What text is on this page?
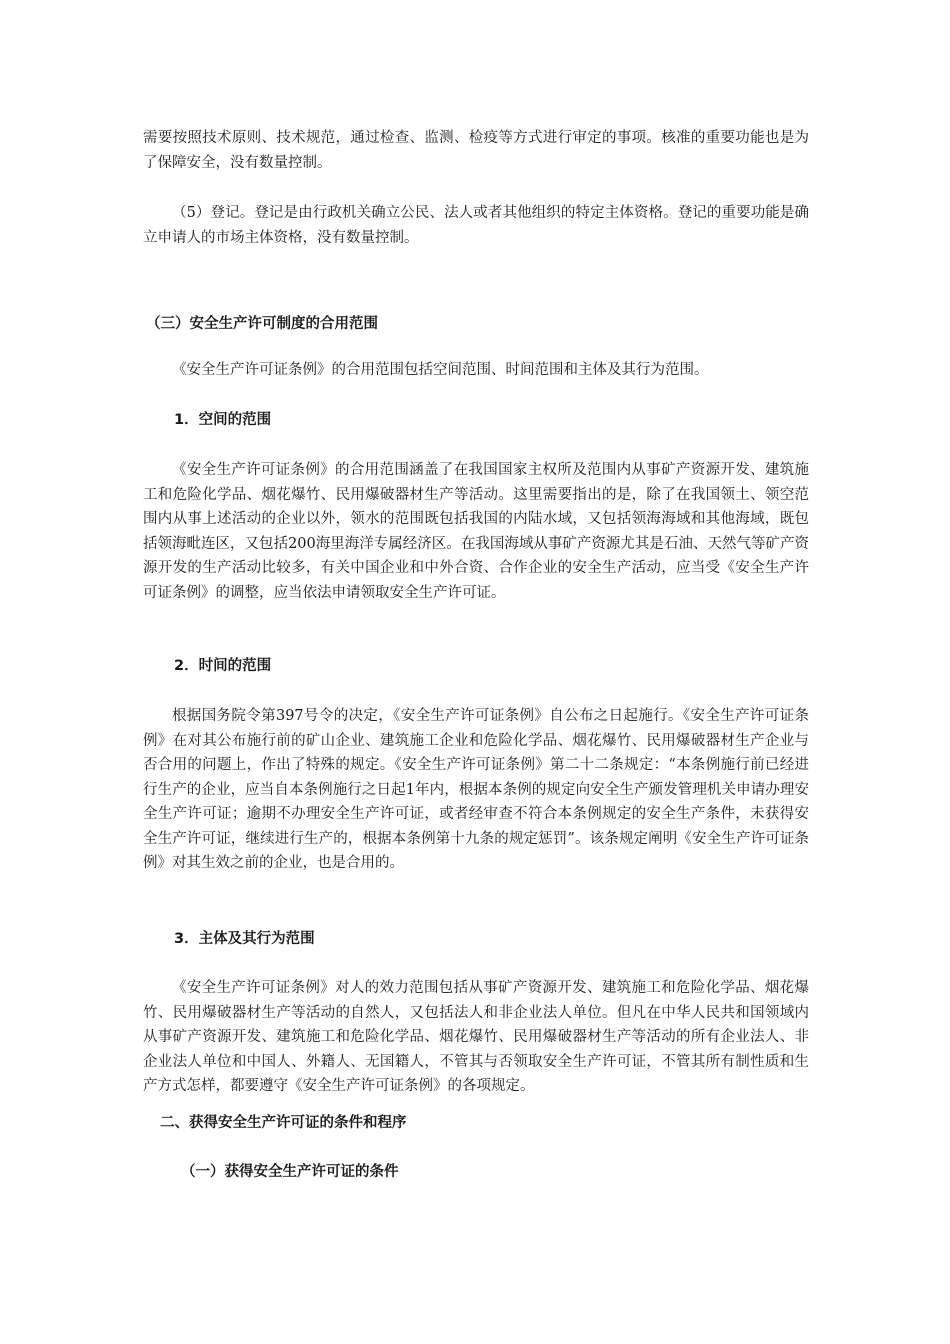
需要按照技术原则、技术规范，通过检查、监测、检疫等方式进行审定的事项。核准的重要功能也是为了保障安全，没有数量控制。

（5）登记。登记是由行政机关确立公民、法人或者其他组织的特定主体资格。登记的重要功能是确立申请人的市场主体资格，没有数量控制。

（三）安全生产许可制度的合用范围

《安全生产许可证条例》的合用范围包括空间范围、时间范围和主体及其行为范围。

1．空间的范围

《安全生产许可证条例》的合用范围涵盖了在我国国家主权所及范围内从事矿产资源开发、建筑施工和危险化学品、烟花爆竹、民用爆破器材生产等活动。这里需要指出的是，除了在我国领土、领空范围内从事上述活动的企业以外，领水的范围既包括我国的内陆水域，又包括领海海域和其他海域，既包括领海毗连区，又包括200海里海洋专属经济区。在我国海域从事矿产资源尤其是石油、天然气等矿产资源开发的生产活动比较多，有关中国企业和中外合资、合作企业的安全生产活动，应当受《安全生产许可证条例》的调整，应当依法申请领取安全生产许可证。

2．时间的范围

根据国务院令第397号令的决定，《安全生产许可证条例》自公布之日起施行。《安全生产许可证条例》在对其公布施行前的矿山企业、建筑施工企业和危险化学品、烟花爆竹、民用爆破器材生产企业与否合用的问题上，作出了特殊的规定。《安全生产许可证条例》第二十二条规定：“本条例施行前已经进行生产的企业，应当自本条例施行之日起1年内，根据本条例的规定向安全生产颁发管理机关申请办理安全生产许可证；逾期不办理安全生产许可证，或者经审查不符合本条例规定的安全生产条件，未获得安全生产许可证，继续进行生产的，根据本条例第十九条的规定惩罚”。该条规定阐明《安全生产许可证条例》对其生效之前的企业，也是合用的。

3．主体及其行为范围

《安全生产许可证条例》对人的效力范围包括从事矿产资源开发、建筑施工和危险化学品、烟花爆竹、民用爆破器材生产等活动的自然人，又包括法人和非企业法人单位。但凡在中华人民共和国领域内从事矿产资源开发、建筑施工和危险化学品、烟花爆竹、民用爆破器材生产等活动的所有企业法人、非企业法人单位和中国人、外籍人、无国籍人，不管其与否领取安全生产许可证，不管其所有制性质和生产方式怎样，都要遵守《安全生产许可证条例》的各项规定。

二、获得安全生产许可证的条件和程序
（一）获得安全生产许可证的条件
